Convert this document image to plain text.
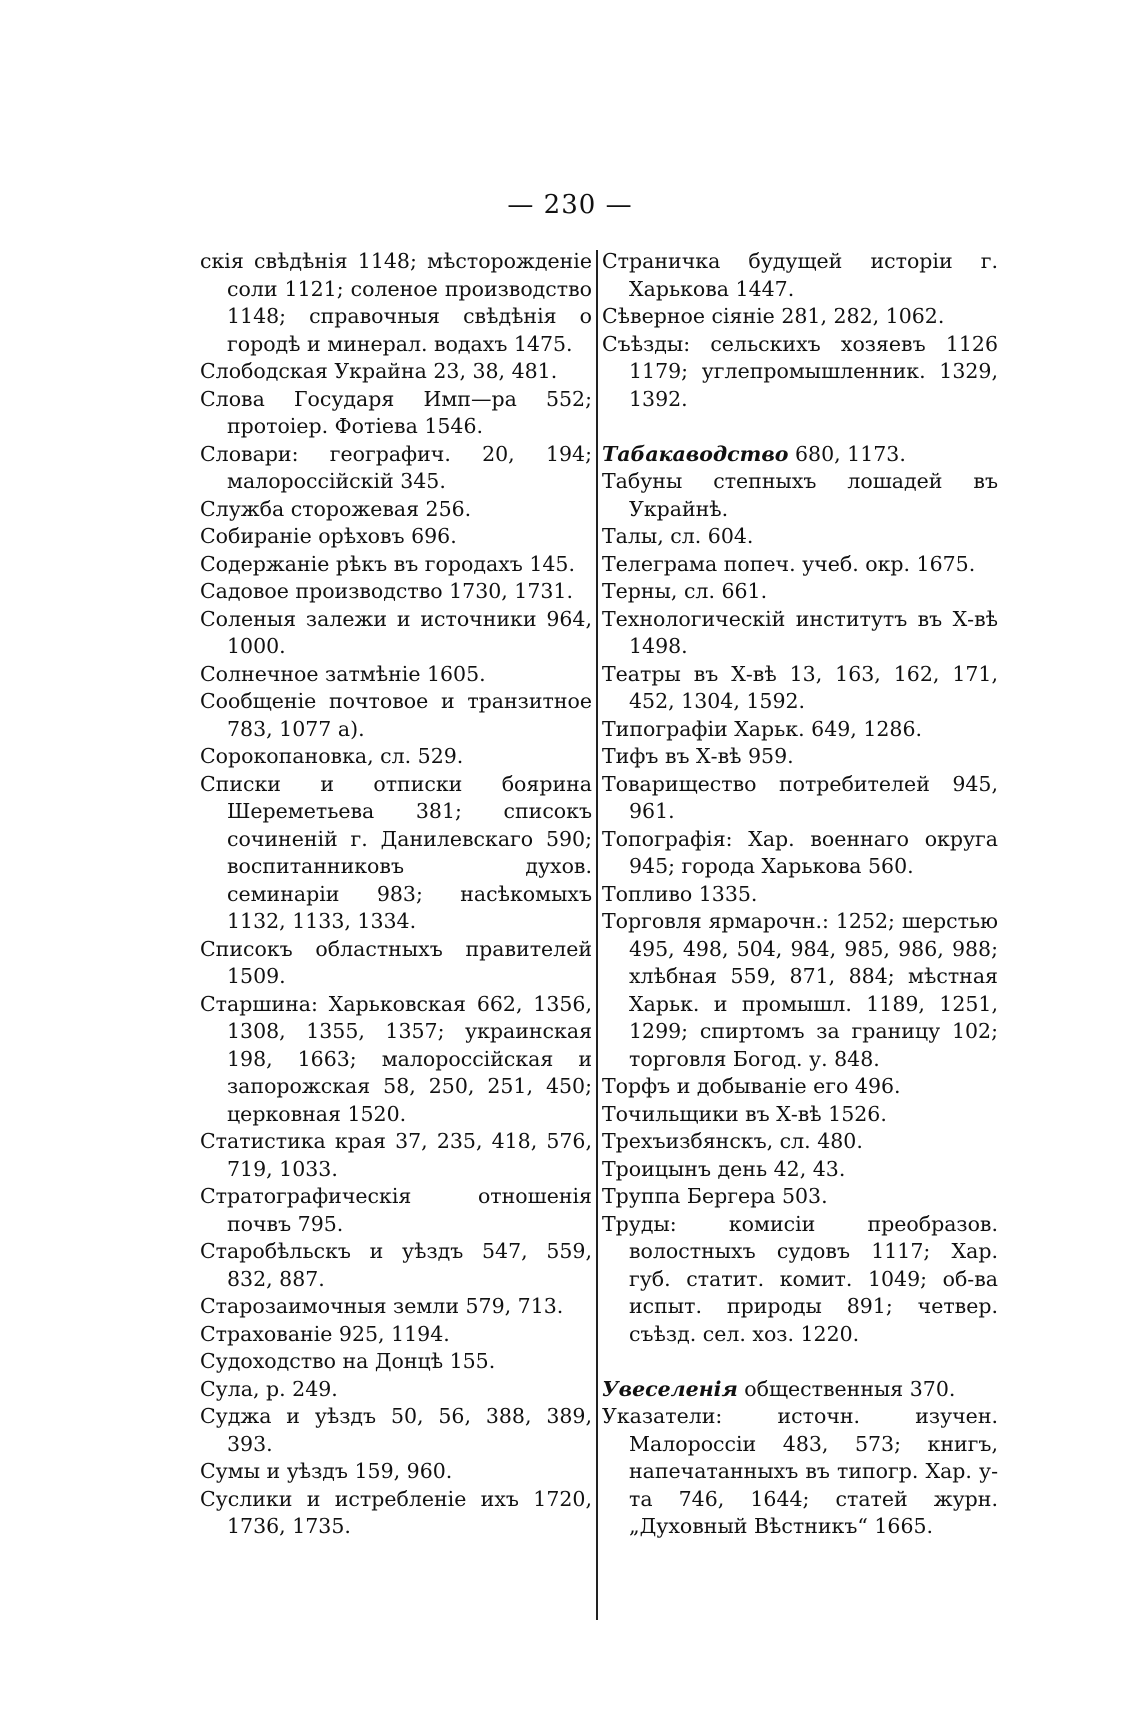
— 230 —

скія свѣдѣнія 1148; мѣсторожденіе соли 1121; соленое производство 1148; справочныя свѣдѣнія о городѣ и минерал. водахъ 1475.

Слободская Украйна 23, 38, 481.

Слова Государя Имп—ра 552; протоіер. Фотіева 1546.

Словари: географич. 20, 194; малороссійскій 345.

Служба сторожевая 256.

Собираніе орѣховъ 696.

Содержаніе рѣкъ въ городахъ 145.

Садовое производство 1730, 1731.

Соленыя залежи и источники 964, 1000.

Солнечное затмѣніе 1605.

Сообщеніе почтовое и транзитное 783, 1077 а).

Сорокопановка, сл. 529.

Списки и отписки боярина Шереметьева 381; списокъ сочиненій г. Данилевскаго 590; воспитанниковъ духов. семинаріи 983; насѣкомыхъ 1132, 1133, 1334.

Списокъ областныхъ правителей 1509.

Старшина: Харьковская 662, 1356, 1308, 1355, 1357; украинская 198, 1663; малороссійская и запорожская 58, 250, 251, 450; церковная 1520.

Статистика края 37, 235, 418, 576, 719, 1033.

Стратографическія отношенія почвъ 795.

Старобѣльскъ и уѣздъ 547, 559, 832, 887.

Старозаимочныя земли 579, 713.

Страхованіе 925, 1194.

Судоходство на Донцѣ 155.

Сула, р. 249.

Суджа и уѣздъ 50, 56, 388, 389, 393.

Сумы и уѣздъ 159, 960.

Суслики и истребленіе ихъ 1720, 1736, 1735.

Страничка будущей исторіи г. Харькова 1447.

Сѣверное сіяніе 281, 282, 1062.

Съѣзды: сельскихъ хозяевъ 1126 1179; углепромышленник. 1329, 1392.

Табакаводство 680, 1173.

Табуны степныхъ лошадей въ Украйнѣ.

Талы, сл. 604.

Телеграма попеч. учеб. окр. 1675.

Терны, сл. 661.

Технологическій институтъ въ Х-вѣ 1498.

Театры въ Х-вѣ 13, 163, 162, 171, 452, 1304, 1592.

Типографіи Харьк. 649, 1286.

Тифъ въ Х-вѣ 959.

Товарищество потребителей 945, 961.

Топографія: Хар. военнаго округа 945; города Харькова 560.

Топливо 1335.

Торговля ярмарочн.: 1252; шерстью 495, 498, 504, 984, 985, 986, 988; хлѣбная 559, 871, 884; мѣстная Харьк. и промышл. 1189, 1251, 1299; спиртомъ за границу 102; торговля Богод. у. 848.

Торфъ и добываніе его 496.

Точильщики въ Х-вѣ 1526.

Трехъизбянскъ, сл. 480.

Троицынъ день 42, 43.

Труппа Бергера 503.

Труды: комисіи преобразов. волостныхъ судовъ 1117; Хар. губ. статит. комит. 1049; об-ва испыт. природы 891; четвер. съѣзд. сел. хоз. 1220.

Увеселенія общественныя 370.

Указатели: источн. изучен. Малороссіи 483, 573; книгъ, напечатанныхъ въ типогр. Хар. у-та 746, 1644; статей журн. „Духовный Вѣстникъ“ 1665.
